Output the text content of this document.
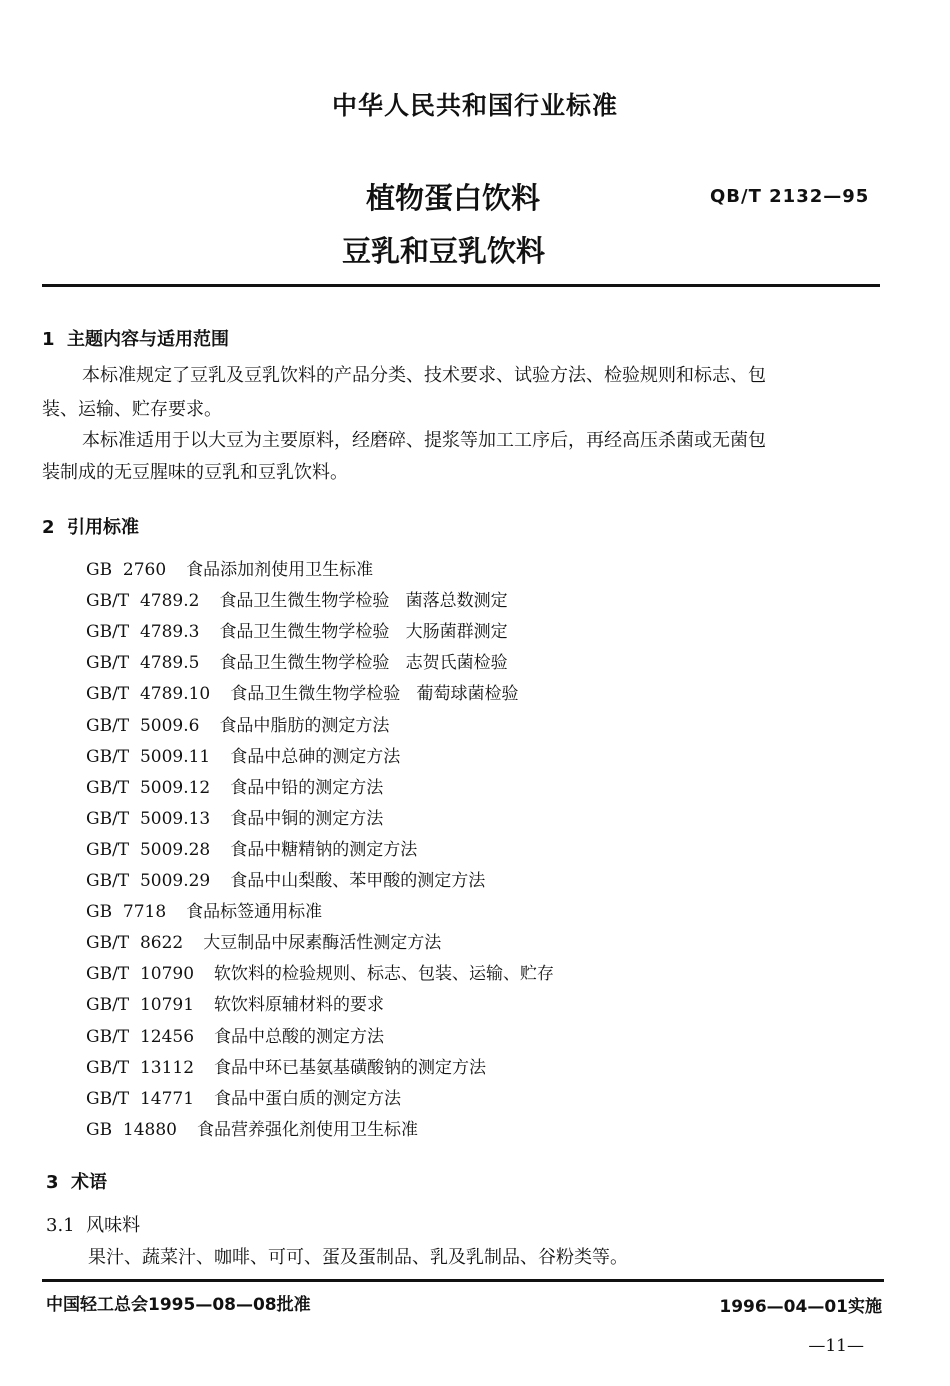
中华人民共和国行业标准
植物蛋白饮料	QB/T 2132—95
豆乳和豆乳饮料
1  主题内容与适用范围
本标准规定了豆乳及豆乳饮料的产品分类、技术要求、试验方法、检验规则和标志、包
装、运输、贮存要求。
本标准适用于以大豆为主要原料，经磨碎、提浆等加工工序后，再经高压杀菌或无菌包
装制成的无豆腥味的豆乳和豆乳饮料。
2  引用标准
GB  2760 食品添加剂使用卫生标准
GB/T  4789.2 食品卫生微生物学检验   菌落总数测定
GB/T  4789.3 食品卫生微生物学检验   大肠菌群测定
GB/T  4789.5 食品卫生微生物学检验   志贺氏菌检验
GB/T  4789.10 食品卫生微生物学检验   葡萄球菌检验
GB/T  5009.6 食品中脂肪的测定方法
GB/T  5009.11 食品中总砷的测定方法
GB/T  5009.12 食品中铅的测定方法
GB/T  5009.13 食品中铜的测定方法
GB/T  5009.28 食品中糖精钠的测定方法
GB/T  5009.29 食品中山梨酸、苯甲酸的测定方法
GB  7718 食品标签通用标准
GB/T  8622 大豆制品中尿素酶活性测定方法
GB/T  10790 软饮料的检验规则、标志、包装、运输、贮存
GB/T  10791 软饮料原辅材料的要求
GB/T  12456 食品中总酸的测定方法
GB/T  13112 食品中环已基氨基磺酸钠的测定方法
GB/T  14771 食品中蛋白质的测定方法
GB  14880 食品营养强化剂使用卫生标准
3  术语
3.1  风味料
果汁、蔬菜汁、咖啡、可可、蛋及蛋制品、乳及乳制品、谷粉类等。
中国轻工总会1995—08—08批准	1996—04—01实施
—11—
